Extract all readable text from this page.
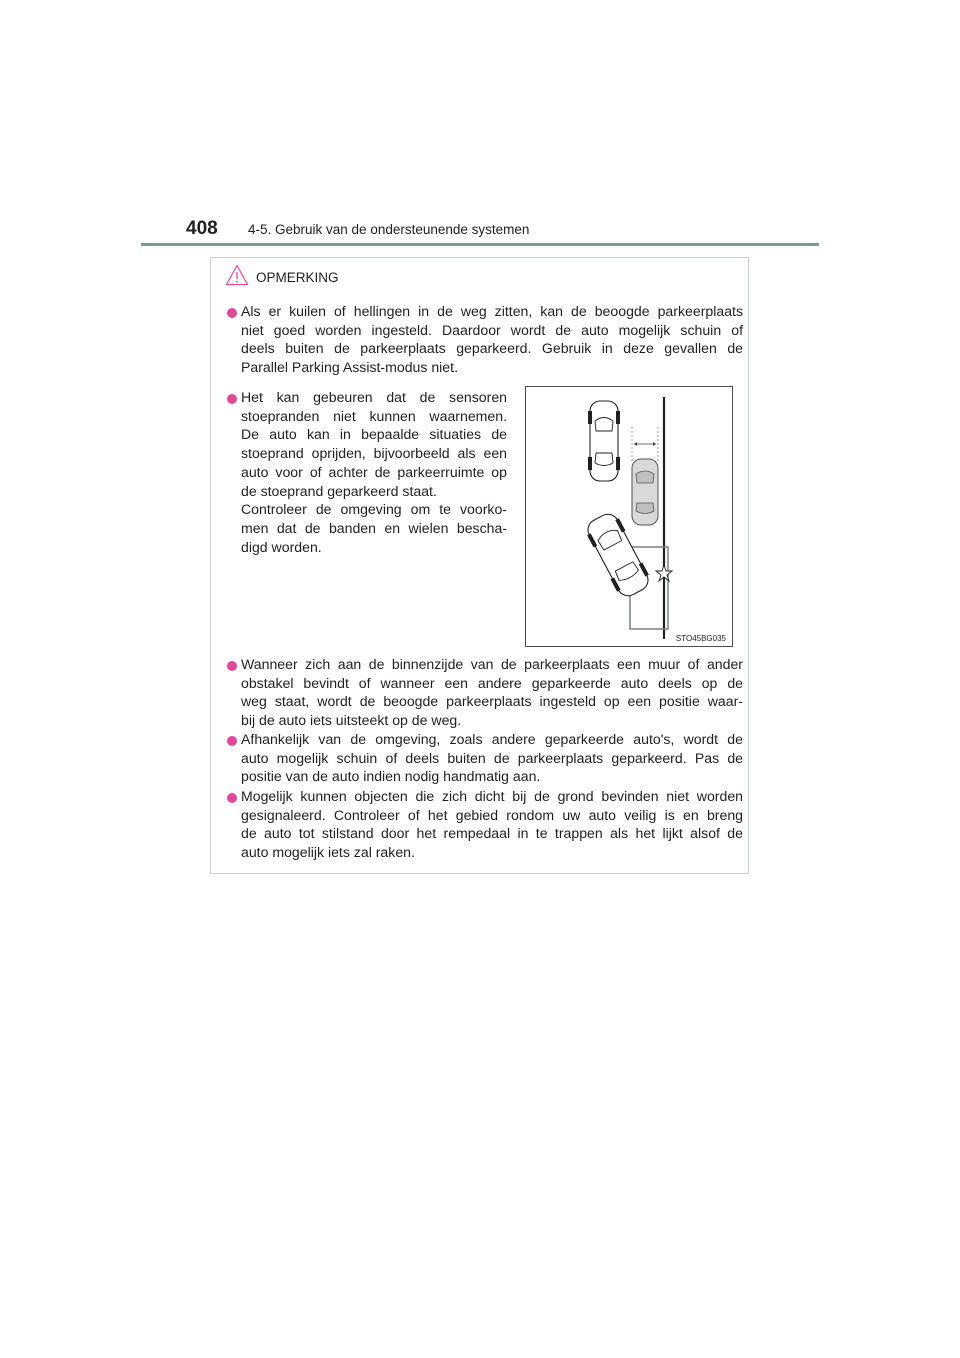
408 4-5. Gebruik van de ondersteunende systemen
OPMERKING
Als er kuilen of hellingen in de weg zitten, kan de beoogde parkeerplaats
niet goed worden ingesteld. Daardoor wordt de auto mogelijk schuin of
deels buiten de parkeerplaats geparkeerd. Gebruik in deze gevallen de
Parallel Parking Assist-modus niet.
Het kan gebeuren dat de sensoren
stoepranden niet kunnen waarnemen.
De auto kan in bepaalde situaties de
stoeprand oprijden, bijvoorbeeld als een
auto voor of achter de parkeerruimte op
de stoeprand geparkeerd staat.
Controleer de omgeving om te voorko-
men dat de banden en wielen bescha-
digd worden.
STO45BG035
Wanneer zich aan de binnenzijde van de parkeerplaats een muur of ander
obstakel bevindt of wanneer een andere geparkeerde auto deels op de
weg staat, wordt de beoogde parkeerplaats ingesteld op een positie waar-
bij de auto iets uitsteekt op de weg.
Afhankelijk van de omgeving, zoals andere geparkeerde auto's, wordt de
auto mogelijk schuin of deels buiten de parkeerplaats geparkeerd. Pas de
positie van de auto indien nodig handmatig aan.
Mogelijk kunnen objecten die zich dicht bij de grond bevinden niet worden
gesignaleerd. Controleer of het gebied rondom uw auto veilig is en breng
de auto tot stilstand door het rempedaal in te trappen als het lijkt alsof de
auto mogelijk iets zal raken.
